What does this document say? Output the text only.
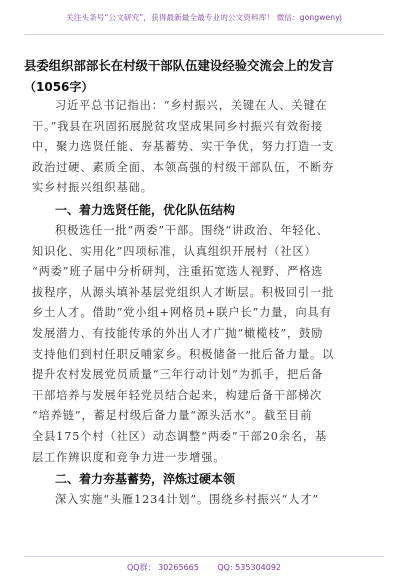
关注头条号“公文研究”，获得最新最全最专业的公文资料库！ 微信：gongwenyj
县委组织部部长在村级干部队伍建设经验交流会上的发言
（1056字）
习近平总书记指出：“乡村振兴，关键在人、关键在
干。”我县在巩固拓展脱贫攻坚成果同乡村振兴有效衔接
中，聚力选贤任能、夯基蓄势、实干争优，努力打造一支
政治过硬、素质全面、本领高强的村级干部队伍，不断夯
实乡村振兴组织基础。
一、着力选贤任能，优化队伍结构
积极选任一批“两委”干部。围绕“讲政治、年轻化、
知识化、实用化”四项标准，认真组织开展村（社区）
“两委”班子届中分析研判，注重拓宽选人视野、严格选
拔程序，从源头填补基层党组织人才断层。积极回引一批
乡土人才。借助“党小组+网格员+联户长”力量，向具有
发展潜力、有技能传承的外出人才广抛“橄榄枝”，鼓励
支持他们到村任职反哺家乡。积极储备一批后备力量。以
提升农村发展党员质量“三年行动计划”为抓手，把后备
干部培养与发展年轻党员结合起来，构建后备干部梯次
“培养链”，蓄足村级后备力量“源头活水”。截至目前
全县175个村（社区）动态调整“两委”干部20余名，基
层工作辨识度和竞争力进一步增强。
二、着力夯基蓄势，淬炼过硬本领
深入实施“头雁1234计划”。围绕乡村振兴“人才”
QQ群： 30265665 QQ: 535304092
